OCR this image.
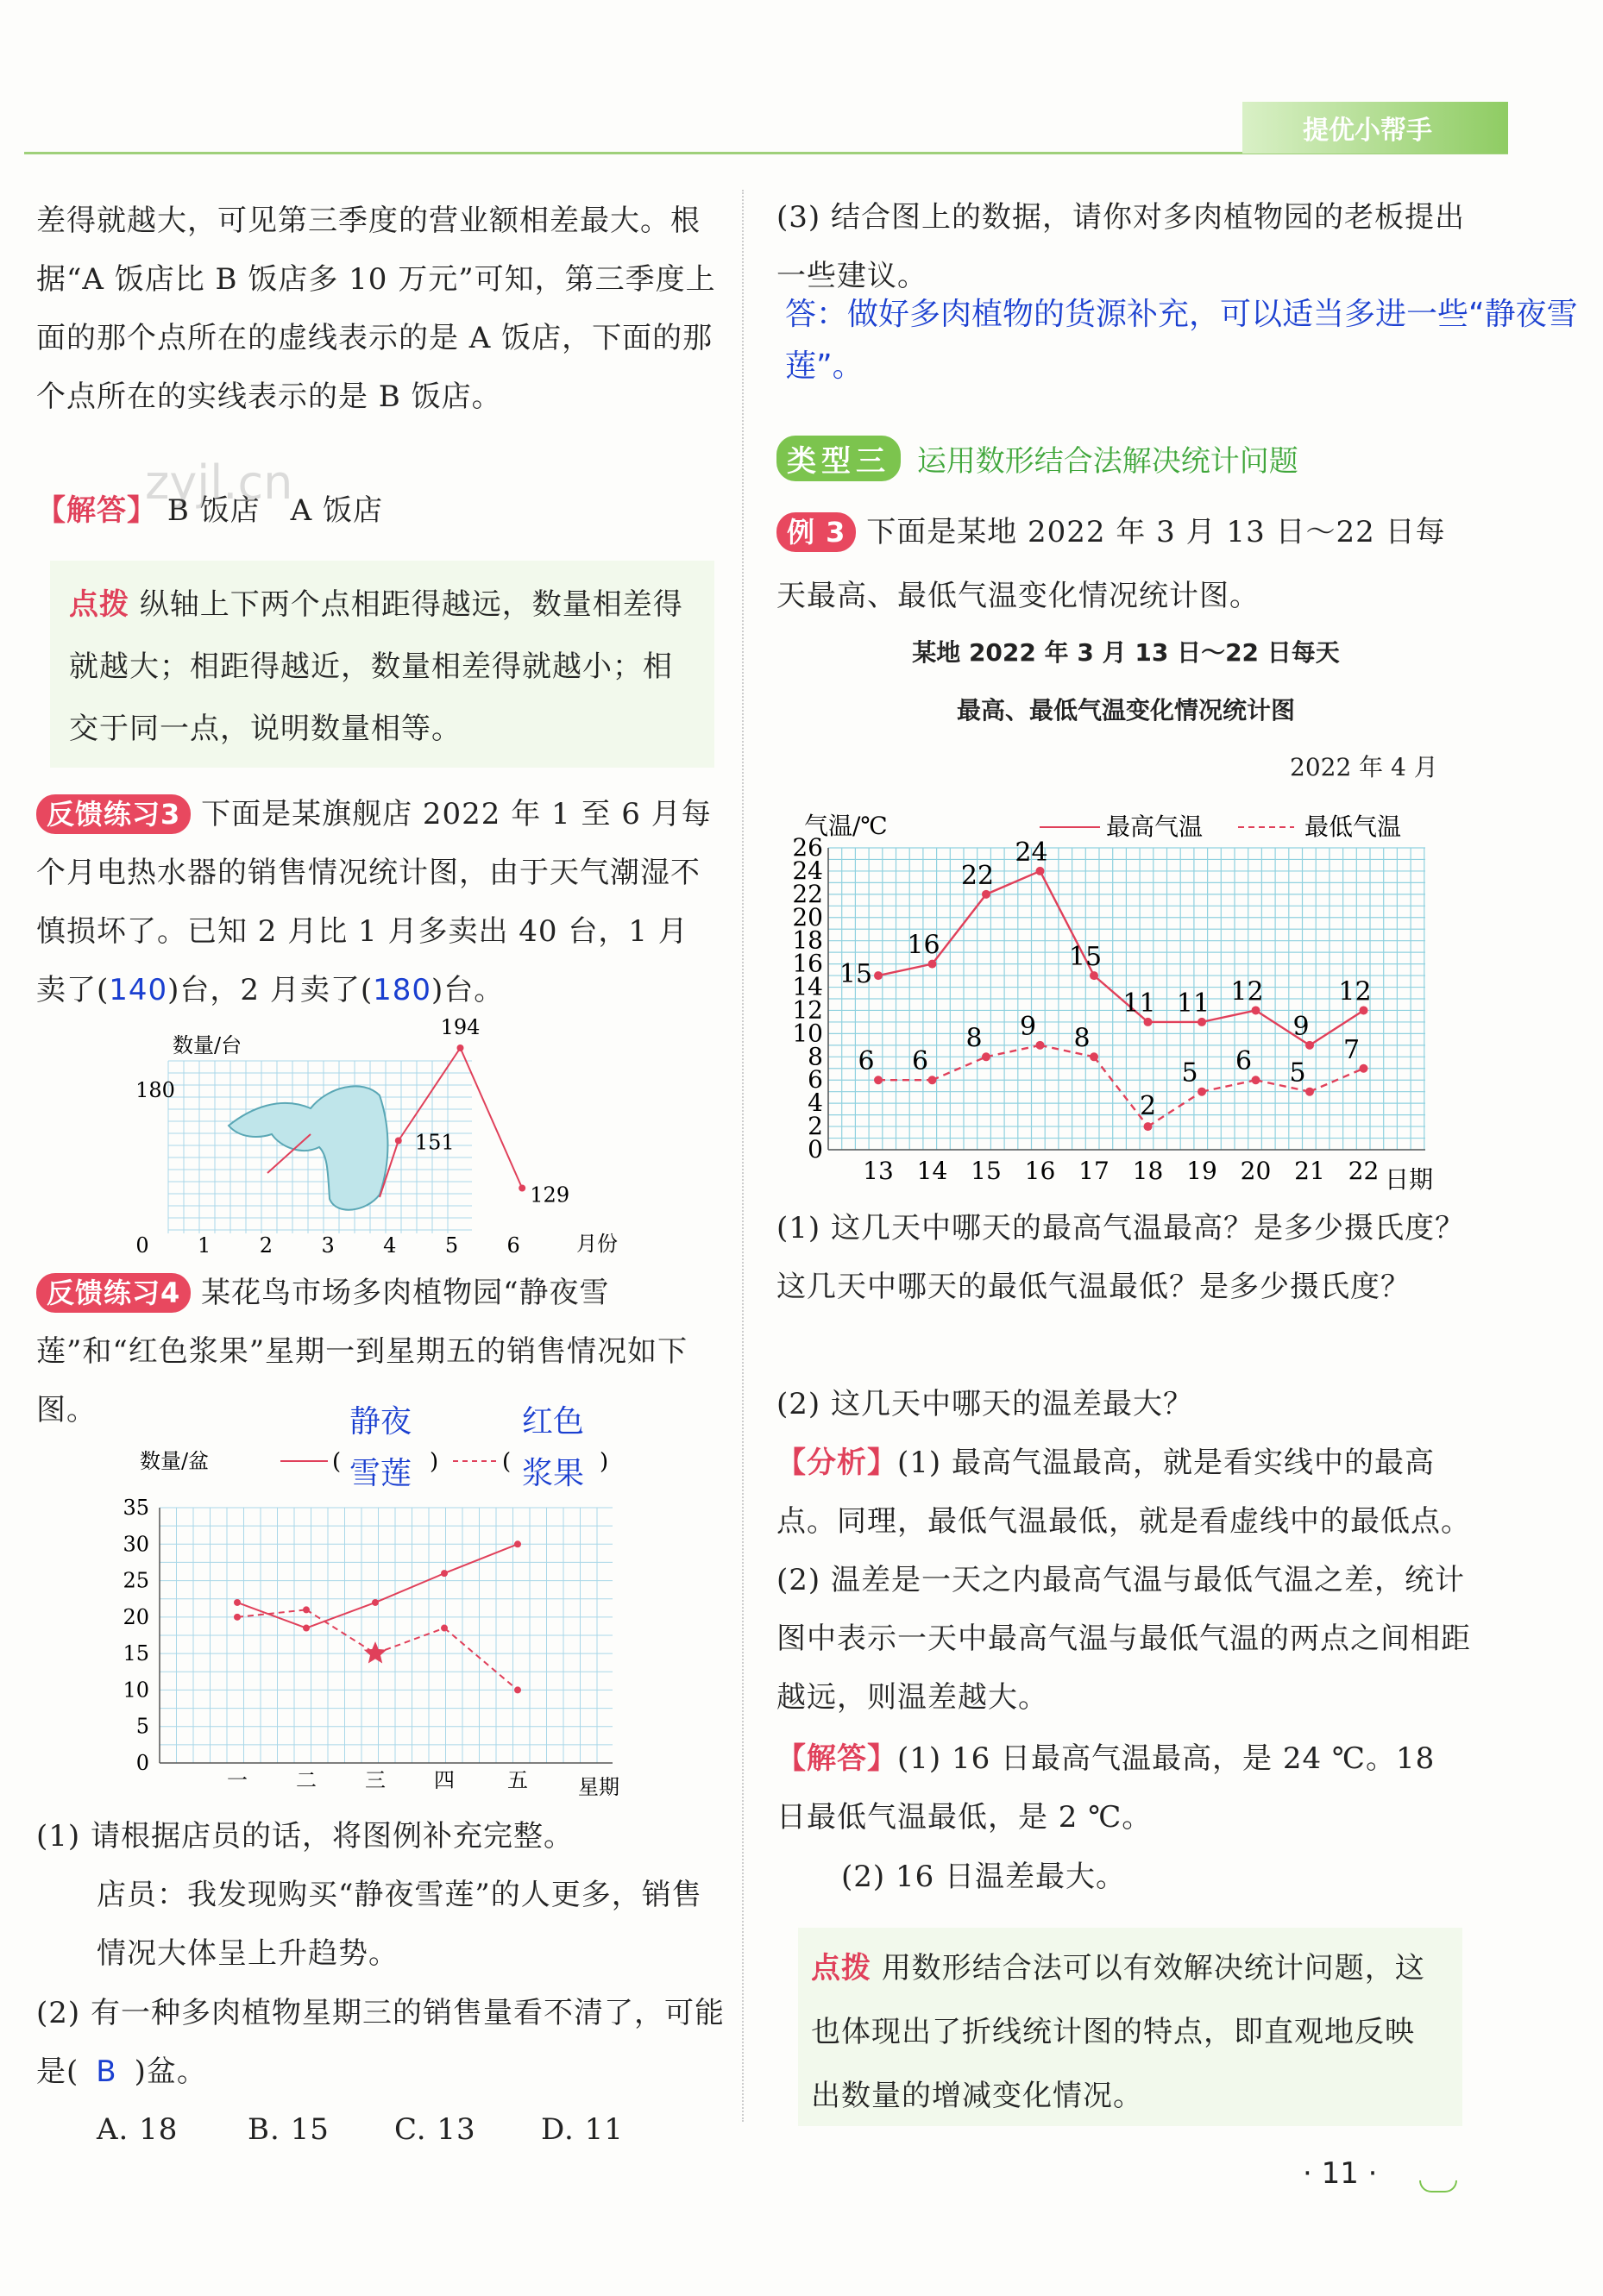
提优小帮手
差得就越大，可见第三季度的营业额相差最大。根据“A 饭店比 B 饭店多 10 万元”可知，第三季度上面的那个点所在的虚线表示的是 A 饭店，下面的那个点所在的实线表示的是 B 饭店。
【解答】 B 饭店　A 饭店
点拨 纵轴上下两个点相距得越远，数量相差得就越大；相距得越近，数量相差得就越小；相交于同一点，说明数量相等。
反馈练习3 下面是某旗舰店 2022 年 1 至 6 月每个月电热水器的销售情况统计图，由于天气潮湿不慎损坏了。已知 2 月比 1 月多卖出 40 台，1 月卖了(140)台，2 月卖了(180)台。
数量/台
月份
0 1 2 3 4 5 6
180
194
151
129
反馈练习4 某花鸟市场多肉植物园“静夜雪莲”和“红色浆果”星期一到星期五的销售情况如下图。
数量/盆	(	)	(	)
静夜
雪莲
红色
浆果
0
5
10
15
20
25
30
35
一 二 三 四	五 星期
(1) 请根据店员的话，将图例补充完整。
店员：我发现购买“静夜雪莲”的人更多，销售情况大体呈上升趋势。
(2) 有一种多肉植物星期三的销售量看不清了，可能是( B )盆。
A. 18	B. 15	C. 13	D. 11
(3) 结合图上的数据，请你对多肉植物园的老板提出一些建议。
答：做好多肉植物的货源补充，可以适当多进一些“静夜雪莲”。
类型三 运用数形结合法解决统计问题
例 3 下面是某地 2022 年 3 月 13 日～22 日每天最高、最低气温变化情况统计图。
某地 2022 年 3 月 13 日～22 日每天
最高、最低气温变化情况统计图
2022 年 4 月
气温/℃	最高气温	最低气温
0
2
4
6
8
10
12
14
16
18
20
22
24
26
13 14 15 16 17 18 19 20 21 22 日期
15
16
22
24
15
11 11 12
9
12
6 6
8 9 8
2
5 6 5
7
(1) 这几天中哪天的最高气温最高？是多少摄氏度？这几天中哪天的最低气温最低？是多少摄氏度？
(2) 这几天中哪天的温差最大？
【分析】(1) 最高气温最高，就是看实线中的最高点。同理，最低气温最低，就是看虚线中的最低点。(2) 温差是一天之内最高气温与最低气温之差，统计图中表示一天中最高气温与最低气温的两点之间相距越远，则温差越大。
【解答】(1) 16 日最高气温最高，是 24 ℃。18 日最低气温最低，是 2 ℃。
(2) 16 日温差最大。
点拨 用数形结合法可以有效解决统计问题，这也体现出了折线统计图的特点，即直观地反映出数量的增减变化情况。
· 11 ·
zyjl.cn
